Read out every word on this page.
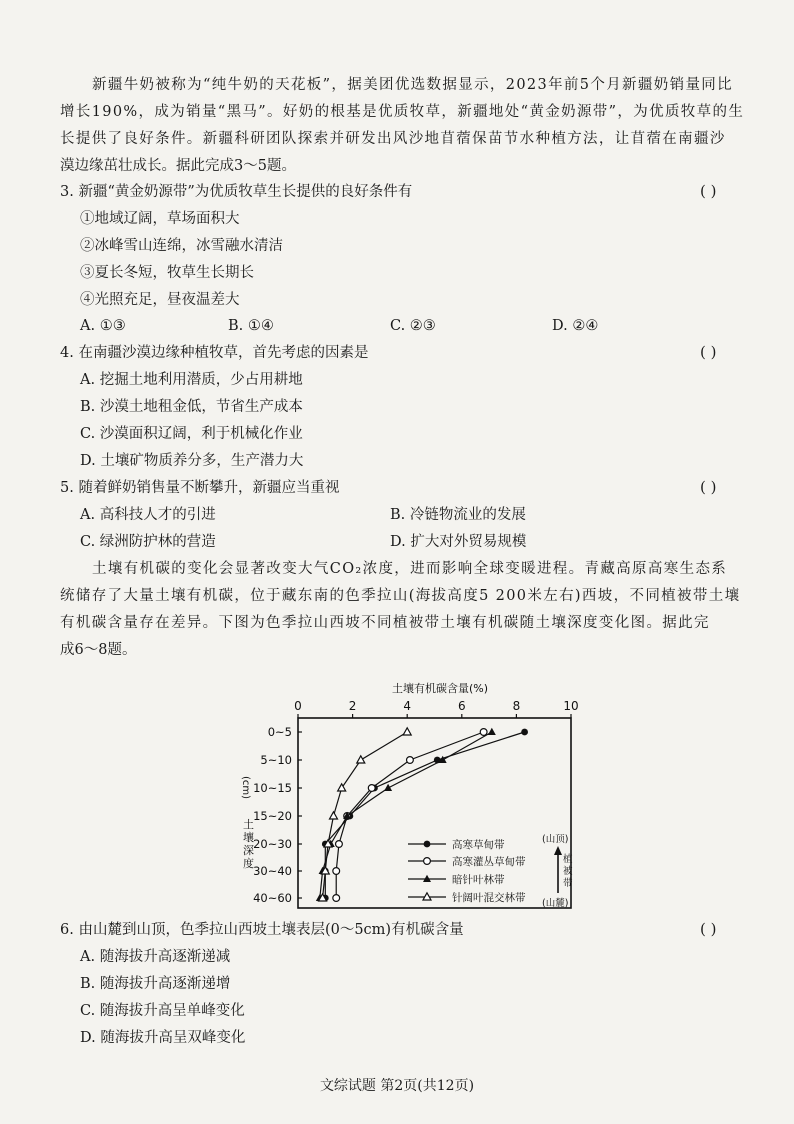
新疆牛奶被称为“纯牛奶的天花板”，据美团优选数据显示，2023年前5个月新疆奶销量同比
增长190%，成为销量“黑马”。好奶的根基是优质牧草，新疆地处“黄金奶源带”，为优质牧草的生
长提供了良好条件。新疆科研团队探索并研发出风沙地苜蓿保苗节水种植方法，让苜蓿在南疆沙
漠边缘茁壮成长。据此完成3～5题。
3. 新疆“黄金奶源带”为优质牧草生长提供的良好条件有	( )
①地域辽阔，草场面积大
②冰峰雪山连绵，冰雪融水清洁
③夏长冬短，牧草生长期长
④光照充足，昼夜温差大
A. ①③	B. ①④	C. ②③	D. ②④
4. 在南疆沙漠边缘种植牧草，首先考虑的因素是	( )
A. 挖掘土地利用潜质，少占用耕地
B. 沙漠土地租金低，节省生产成本
C. 沙漠面积辽阔，利于机械化作业
D. 土壤矿物质养分多，生产潜力大
5. 随着鲜奶销售量不断攀升，新疆应当重视	( )
A. 高科技人才的引进	B. 冷链物流业的发展
C. 绿洲防护林的营造	D. 扩大对外贸易规模
土壤有机碳的变化会显著改变大气CO₂浓度，进而影响全球变暖进程。青藏高原高寒生态系
统储存了大量土壤有机碳，位于藏东南的色季拉山(海拔高度5 200米左右)西坡，不同植被带土壤
有机碳含量存在差异。下图为色季拉山西坡不同植被带土壤有机碳随土壤深度变化图。据此完
成6～8题。
土壤有机碳含量(%)
0	2	4	6	8	10
0~5
5~10
10~15
15~20
20~30
30~40
40~60
土壤深度
高寒草甸带
高寒灌丛草甸带
暗针叶林带
针阔叶混交林带
(山顶)
植被带
(山麓)
(cm)
6. 由山麓到山顶，色季拉山西坡土壤表层(0～5cm)有机碳含量	( )
A. 随海拔升高逐渐递减
B. 随海拔升高逐渐递增
C. 随海拔升高呈单峰变化
D. 随海拔升高呈双峰变化
文综试题 第2页(共12页)
